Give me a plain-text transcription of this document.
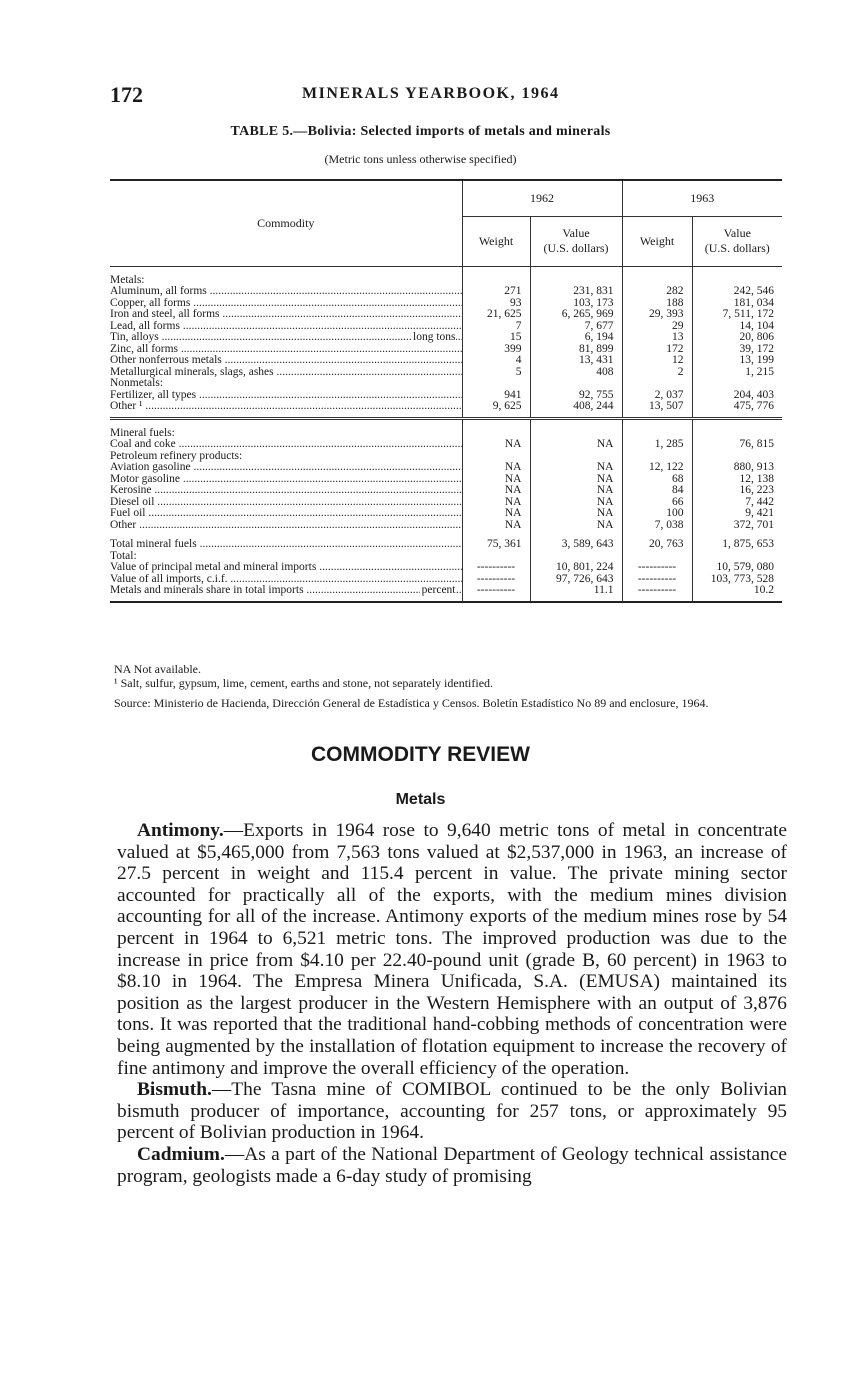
172	MINERALS YEARBOOK, 1964
TABLE 5.—Bolivia: Selected imports of metals and minerals
(Metric tons unless otherwise specified)
Commodity	1962		1963	
	Weight	Value
(U.S. dollars)	Weight	Value
(U.S. dollars)

Metals:				
Aluminum, all forms .....	271	231, 831	282	242, 546
Copper, all forms .....	93	103, 173	188	181, 034
Iron and steel, all forms .....	21, 625	6, 265, 969	29, 393	7, 511, 172
Lead, all forms .....	7	7, 677	29	14, 104
Tin, alloys ..... long tons	15	6, 194	13	20, 806
Zinc, all forms .....	399	81, 899	172	39, 172
Other nonferrous metals .....	4	13, 431	12	13, 199
Metallurgical minerals, slags, ashes .....	5	408	2	1, 215
Nonmetals:				
Fertilizer, all types .....	941	92, 755	2, 037	204, 403
Other ¹ .....	9, 625	408, 244	13, 507	475, 776

Mineral fuels:				
Coal and coke .....	NA	NA	1, 285	76, 815
Petroleum refinery products:				
Aviation gasoline .....	NA	NA	12, 122	880, 913
Motor gasoline .....	NA	NA	68	12, 138
Kerosine .....	NA	NA	84	16, 223
Diesel oil .....	NA	NA	66	7, 442
Fuel oil .....	NA	NA	100	9, 421
Other .....	NA	NA	7, 038	372, 701

Total mineral fuels .....	75, 361	3, 589, 643	20, 763	1, 875, 653
Total:				
Value of principal metal and mineral imports .....	----------	10, 801, 224	----------	10, 579, 080
Value of all imports, c.i.f. .....	----------	97, 726, 643	----------	103, 773, 528
Metals and minerals share in total imports ..... percent	----------	11.1	----------	10.2

NA Not available.

¹ Salt, sulfur, gypsum, lime, cement, earths and stone, not separately identified.

Source: Ministerio de Hacienda, Dirección General de Estadística y Censos. Boletín Estadístico No 89 and enclosure, 1964.

COMMODITY REVIEW
Metals

Antimony.—Exports in 1964 rose to 9,640 metric tons of metal in concentrate valued at $5,465,000 from 7,563 tons valued at $2,537,000 in 1963, an increase of 27.5 percent in weight and 115.4 percent in value. The private mining sector accounted for practically all of the exports, with the medium mines division accounting for all of the increase. Antimony exports of the medium mines rose by 54 percent in 1964 to 6,521 metric tons. The improved production was due to the increase in price from $4.10 per 22.40-pound unit (grade B, 60 percent) in 1963 to $8.10 in 1964. The Empresa Minera Unificada, S.A. (EMUSA) maintained its position as the largest producer in the Western Hemisphere with an output of 3,876 tons. It was reported that the traditional hand-cobbing methods of concentration were being augmented by the installation of flotation equipment to increase the recovery of fine antimony and improve the overall efficiency of the operation.

Bismuth.—The Tasna mine of COMIBOL continued to be the only Bolivian bismuth producer of importance, accounting for 257 tons, or approximately 95 percent of Bolivian production in 1964.

Cadmium.—As a part of the National Department of Geology technical assistance program, geologists made a 6-day study of promising
